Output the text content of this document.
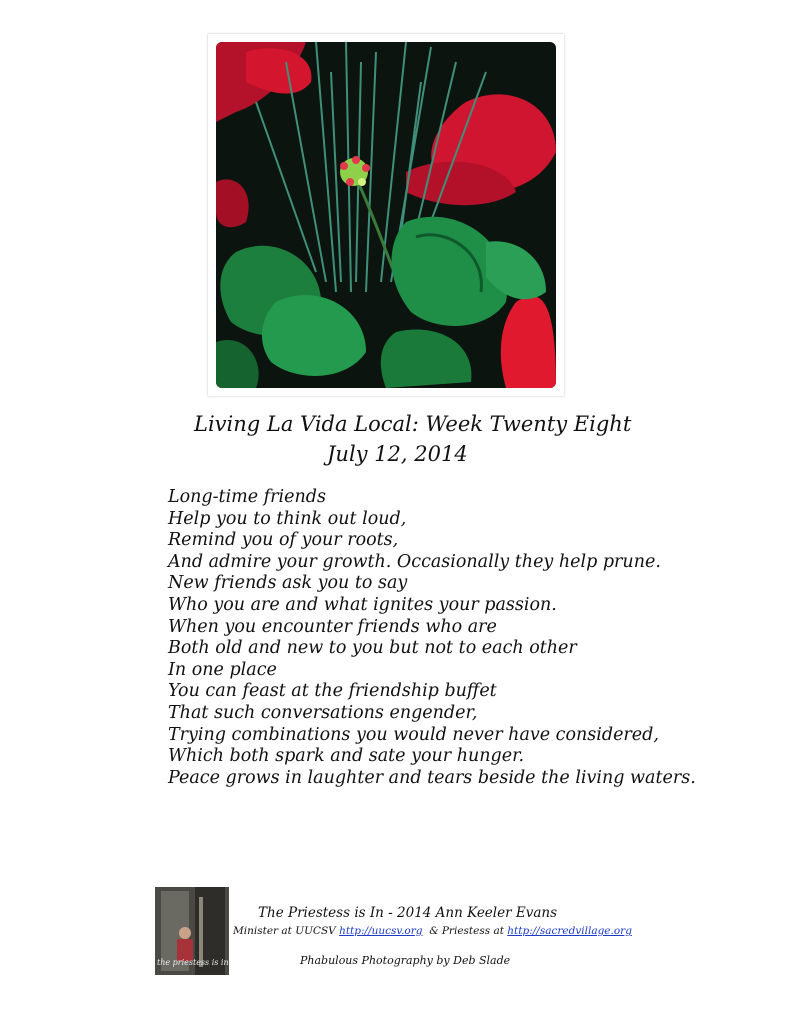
Living La Vida Local: Week Twenty Eight
July 12, 2014
Long-time friends
Help you to think out loud,
Remind you of your roots,
And admire your growth. Occasionally they help prune.
New friends ask you to say
Who you are and what ignites your passion.
When you encounter friends who are
Both old and new to you but not to each other
In one place
You can feast at the friendship buffet
That such conversations engender,
Trying combinations you would never have considered,
Which both spark and sate your hunger.
Peace grows in laughter and tears beside the living waters.
the priestess is in
The Priestess is In - 2014 Ann Keeler Evans
Minister at UUCSV http://uucsv.org & Priestess at http://sacredvillage.org
Phabulous Photography by Deb Slade
